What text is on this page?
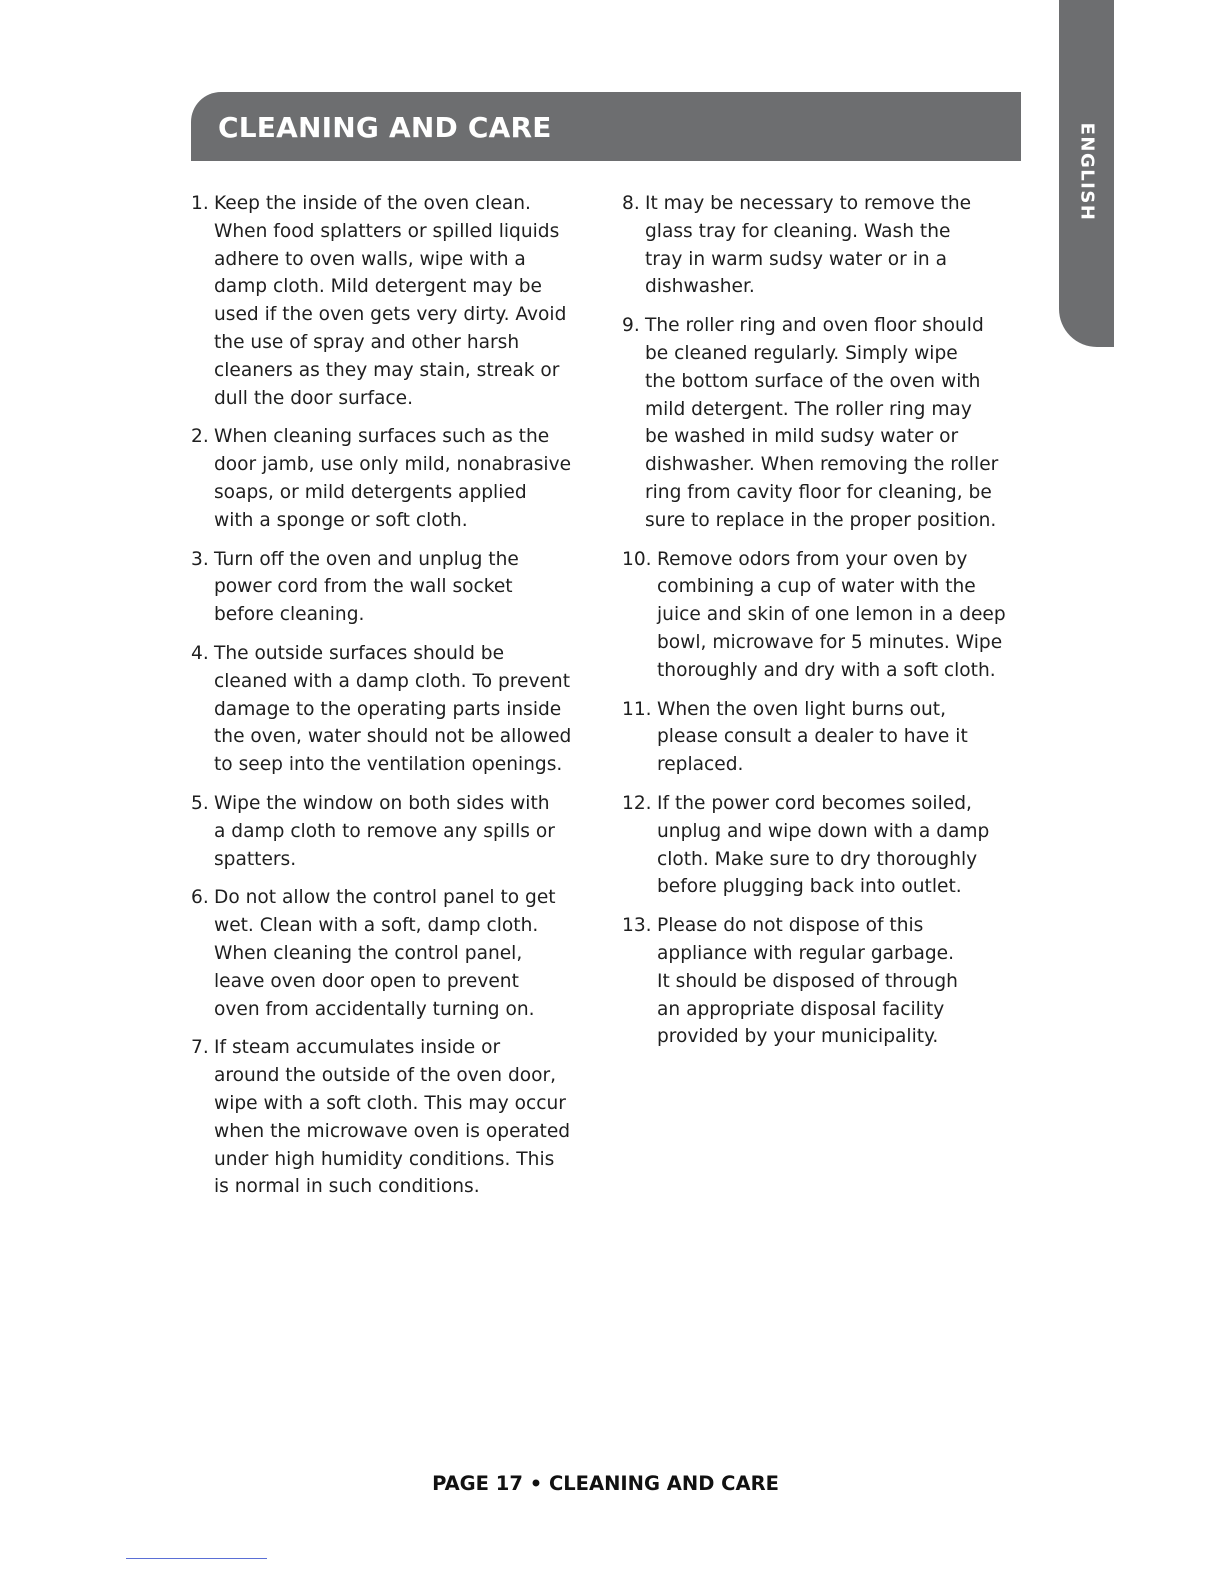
CLEANING AND CARE	ENGLISH
1. Keep the inside of the oven clean.
When food splatters or spilled liquids
adhere to oven walls, wipe with a
damp cloth. Mild detergent may be
used if the oven gets very dirty. Avoid
the use of spray and other harsh
cleaners as they may stain, streak or
dull the door surface.
2. When cleaning surfaces such as the
door jamb, use only mild, nonabrasive
soaps, or mild detergents applied
with a sponge or soft cloth.
3. Turn off the oven and unplug the
power cord from the wall socket
before cleaning.
4. The outside surfaces should be
cleaned with a damp cloth. To prevent
damage to the operating parts inside
the oven, water should not be allowed
to seep into the ventilation openings.
5. Wipe the window on both sides with
a damp cloth to remove any spills or
spatters.
6. Do not allow the control panel to get
wet. Clean with a soft, damp cloth.
When cleaning the control panel,
leave oven door open to prevent
oven from accidentally turning on.
7. If steam accumulates inside or
around the outside of the oven door,
wipe with a soft cloth. This may occur
when the microwave oven is operated
under high humidity conditions. This
is normal in such conditions.
8. It may be necessary to remove the
glass tray for cleaning. Wash the
tray in warm sudsy water or in a
dishwasher.
9. The roller ring and oven floor should
be cleaned regularly. Simply wipe
the bottom surface of the oven with
mild detergent. The roller ring may
be washed in mild sudsy water or
dishwasher. When removing the roller
ring from cavity floor for cleaning, be
sure to replace in the proper position.
10. Remove odors from your oven by
combining a cup of water with the
juice and skin of one lemon in a deep
bowl, microwave for 5 minutes. Wipe
thoroughly and dry with a soft cloth.
11. When the oven light burns out,
please consult a dealer to have it
replaced.
12. If the power cord becomes soiled,
unplug and wipe down with a damp
cloth. Make sure to dry thoroughly
before plugging back into outlet.
13. Please do not dispose of this
appliance with regular garbage.
It should be disposed of through
an appropriate disposal facility
provided by your municipality.
PAGE 17 • CLEANING AND CARE
